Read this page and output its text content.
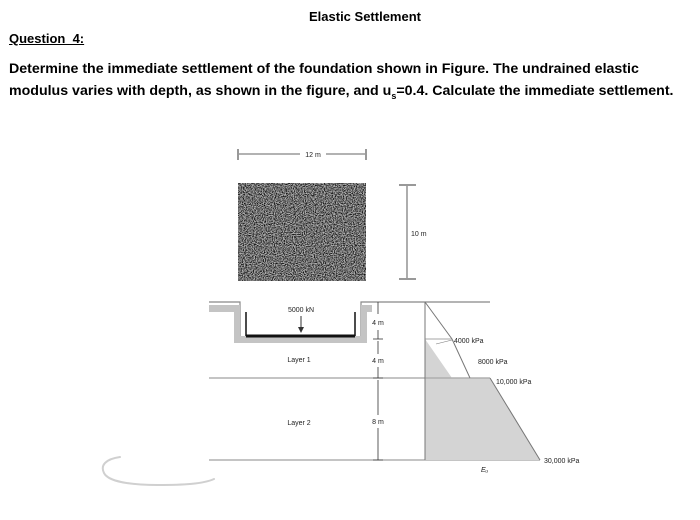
Elastic Settlement
Question_4:

Determine the immediate settlement of the foundation shown in Figure. The undrained elastic modulus varies with depth, as shown in the figure, and $u_s=0.4$. Calculate the immediate settlement.

12 m
10 m
5000 kN
Layer 1
Layer 2
4 m
4 m
8 m
4000 kPa
8000 kPa
10,000 kPa
30,000 kPa
Eᵤ
